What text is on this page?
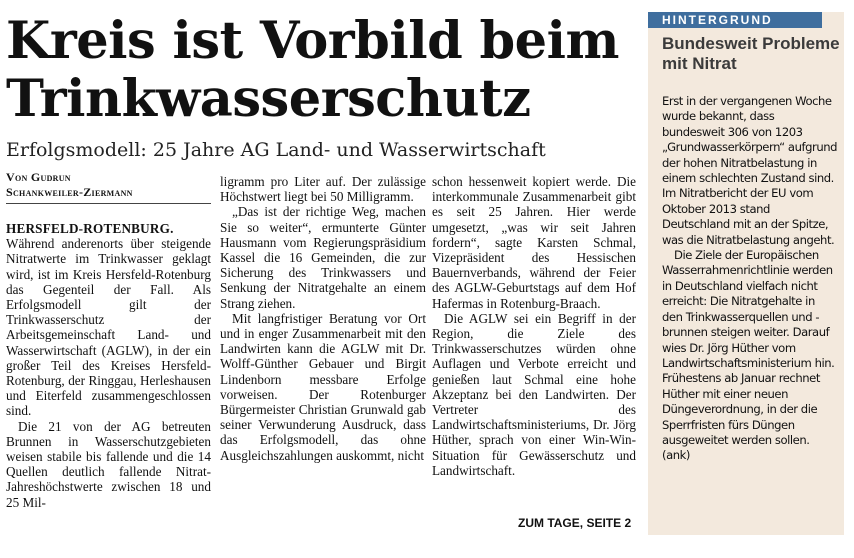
Kreis ist Vorbild beim
Trinkwasserschutz
Erfolgsmodell: 25 Jahre AG Land- und Wasserwirtschaft
Von Gudrun
Schankweiler-Ziermann
HERSFELD-ROTENBURG.

Während anderenorts über steigende Nitratwerte im Trinkwasser geklagt wird, ist im Kreis Hersfeld-Rotenburg das Gegenteil der Fall. Als Erfolgsmodell gilt der Trinkwasserschutz der Arbeitsgemeinschaft Land- und Wasserwirtschaft (AGLW), in der ein großer Teil des Kreises Hersfeld-Rotenburg, der Ringgau, Herleshausen und Eiterfeld zusammengeschlossen sind.

Die 21 von der AG betreuten Brunnen in Wasserschutzgebieten weisen stabile bis fallende und die 14 Quellen deutlich fallende Nitrat-Jahreshöchstwerte zwischen 18 und 25 Mil-

ligramm pro Liter auf. Der zulässige Höchstwert liegt bei 50 Milligramm.

„Das ist der richtige Weg, machen Sie so weiter“, ermunterte Günter Hausmann vom Regierungspräsidium Kassel die 16 Gemeinden, die zur Sicherung des Trinkwassers und Senkung der Nitratgehalte an einem Strang ziehen.

Mit langfristiger Beratung vor Ort und in enger Zusammenarbeit mit den Landwirten kann die AGLW mit Dr. Wolff-Günther Gebauer und Birgit Lindenborn messbare Erfolge vorweisen. Der Rotenburger Bürgermeister Christian Grunwald gab seiner Verwunderung Ausdruck, dass das Erfolgsmodell, das ohne Ausgleichszahlungen auskommt, nicht

schon hessenweit kopiert werde. Die interkommunale Zusammenarbeit gibt es seit 25 Jahren. Hier werde umgesetzt, „was wir seit Jahren fordern“, sagte Karsten Schmal, Vizepräsident des Hessischen Bauernverbands, während der Feier des AGLW-Geburtstags auf dem Hof Hafermas in Rotenburg-Braach.

Die AGLW sei ein Begriff in der Region, die Ziele des Trinkwasserschutzes würden ohne Auflagen und Verbote erreicht und genießen laut Schmal eine hohe Akzeptanz bei den Landwirten. Der Vertreter des Landwirtschaftsministeriums, Dr. Jörg Hüther, sprach von einer Win-Win-Situation für Gewässerschutz und Landwirtschaft.

ZUM TAGE, SEITE 2
HINTERGRUND
Bundesweit Probleme mit Nitrat

Erst in der vergangenen Woche wurde bekannt, dass bundesweit 306 von 1203 „Grundwasserkörpern“ aufgrund der hohen Nitratbelastung in einem schlechten Zustand sind. Im Nitratbericht der EU vom Oktober 2013 stand Deutschland mit an der Spitze, was die Nitratbelastung angeht.

Die Ziele der Europäischen Wasserrahmenrichtlinie werden in Deutschland vielfach nicht erreicht: Die Nitratgehalte in den Trinkwasserquellen und -brunnen steigen weiter. Darauf wies Dr. Jörg Hüther vom Landwirtschaftsministerium hin. Frühestens ab Januar rechnet Hüther mit einer neuen Düngeverordnung, in der die Sperrfristen fürs Düngen ausgeweitet werden sollen. (ank)
